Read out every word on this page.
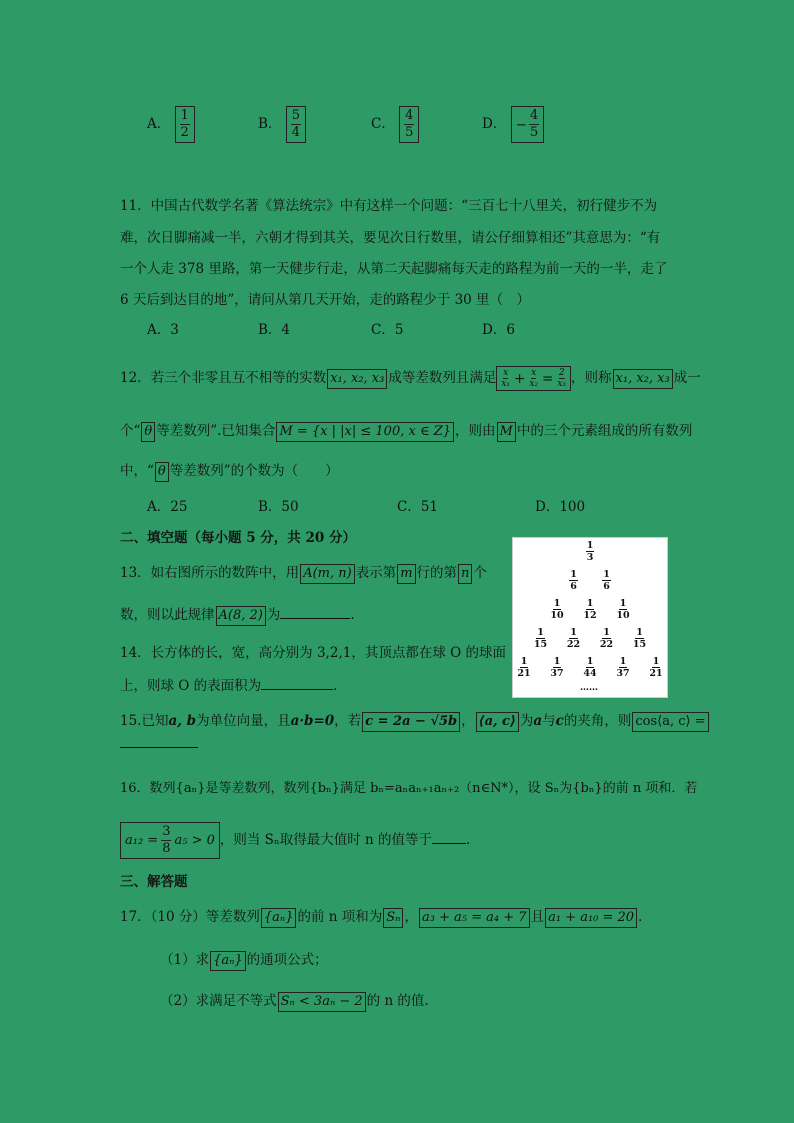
A． $\frac{1}{2}$	B． $\frac{5}{4}$	C． $\frac{4}{5}$	D． − $\frac{4}{5}$
11．中国古代数学名著《算法统宗》中有这样一个问题：“三百七十八里关，初行健步不为
难，次日脚痛减一半，六朝才得到其关，要见次日行数里，请公仔细算相还”其意思为：“有
一个人走 378 里路，第一天健步行走，从第二天起脚痛每天走的路程为前一天的一半，走了
6 天后到达目的地”，请问从第几天开始，走的路程少于 30 里（　）
A．3	B．4	C．5	D．6
12．若三个非零且互不相等的实数 x₁, x₂, x₃ 成等差数列且满足 $\frac{x}{\text{x₁}} + \frac{x}{\text{x₂}} = \frac{2}{\text{x₃}}$ ，则称 x₁, x₂, x₃ 成一
个“ θ 等差数列”.已知集合 M = {x | |x| ≤ 100, x ∈ Z} ，则由 M 中的三个元素组成的所有数列
中，“ θ 等差数列”的个数为（　　）
A．25	B．50	C．51	D．100
二、填空题（每小题 5 分，共 20 分）
13．如右图所示的数阵中，用 A(m, n) 表示第 m 行的第 n 个
数，则以此规律 A(8, 2) 为	.
14．长方体的长，宽，高分别为 3,2,1，其顶点都在球 O 的球面
上，则球 O 的表面积为	.
$\frac{1}{3}$
$\frac{1}{6} \frac{1}{6}$
$\frac{1}{10} \frac{1}{12} \frac{1}{10}$
$\frac{1}{15} \frac{1}{22} \frac{1}{22} \frac{1}{15}$
$\frac{1}{21} \frac{1}{37} \frac{1}{44} \frac{1}{37} \frac{1}{21}$
……
15.已知a, b为单位向量，且a·b=0，若 c = 2a − √5b ， ⟨a, c⟩ 为a与c的夹角，则 cos⟨a, c⟩ =
16．数列{aₙ}是等差数列，数列{bₙ}满足 bₙ=aₙaₙ₊₁aₙ₊₂（n∈N*），设 Sₙ为{bₙ}的前 n 项和．若
$a_{12} = \frac{3}{8} a_5 > 0$ ，则当 Sₙ取得最大值时 n 的值等于	．
三、解答题
17．（10 分）等差数列 {aₙ} 的前 n 项和为 Sₙ ， a₃ + a₅ = a₄ + 7 且 a₁ + a₁₀ = 20 ．
（1）求 {aₙ} 的通项公式；
（2）求满足不等式 Sₙ < 3aₙ − 2 的 n 的值.
